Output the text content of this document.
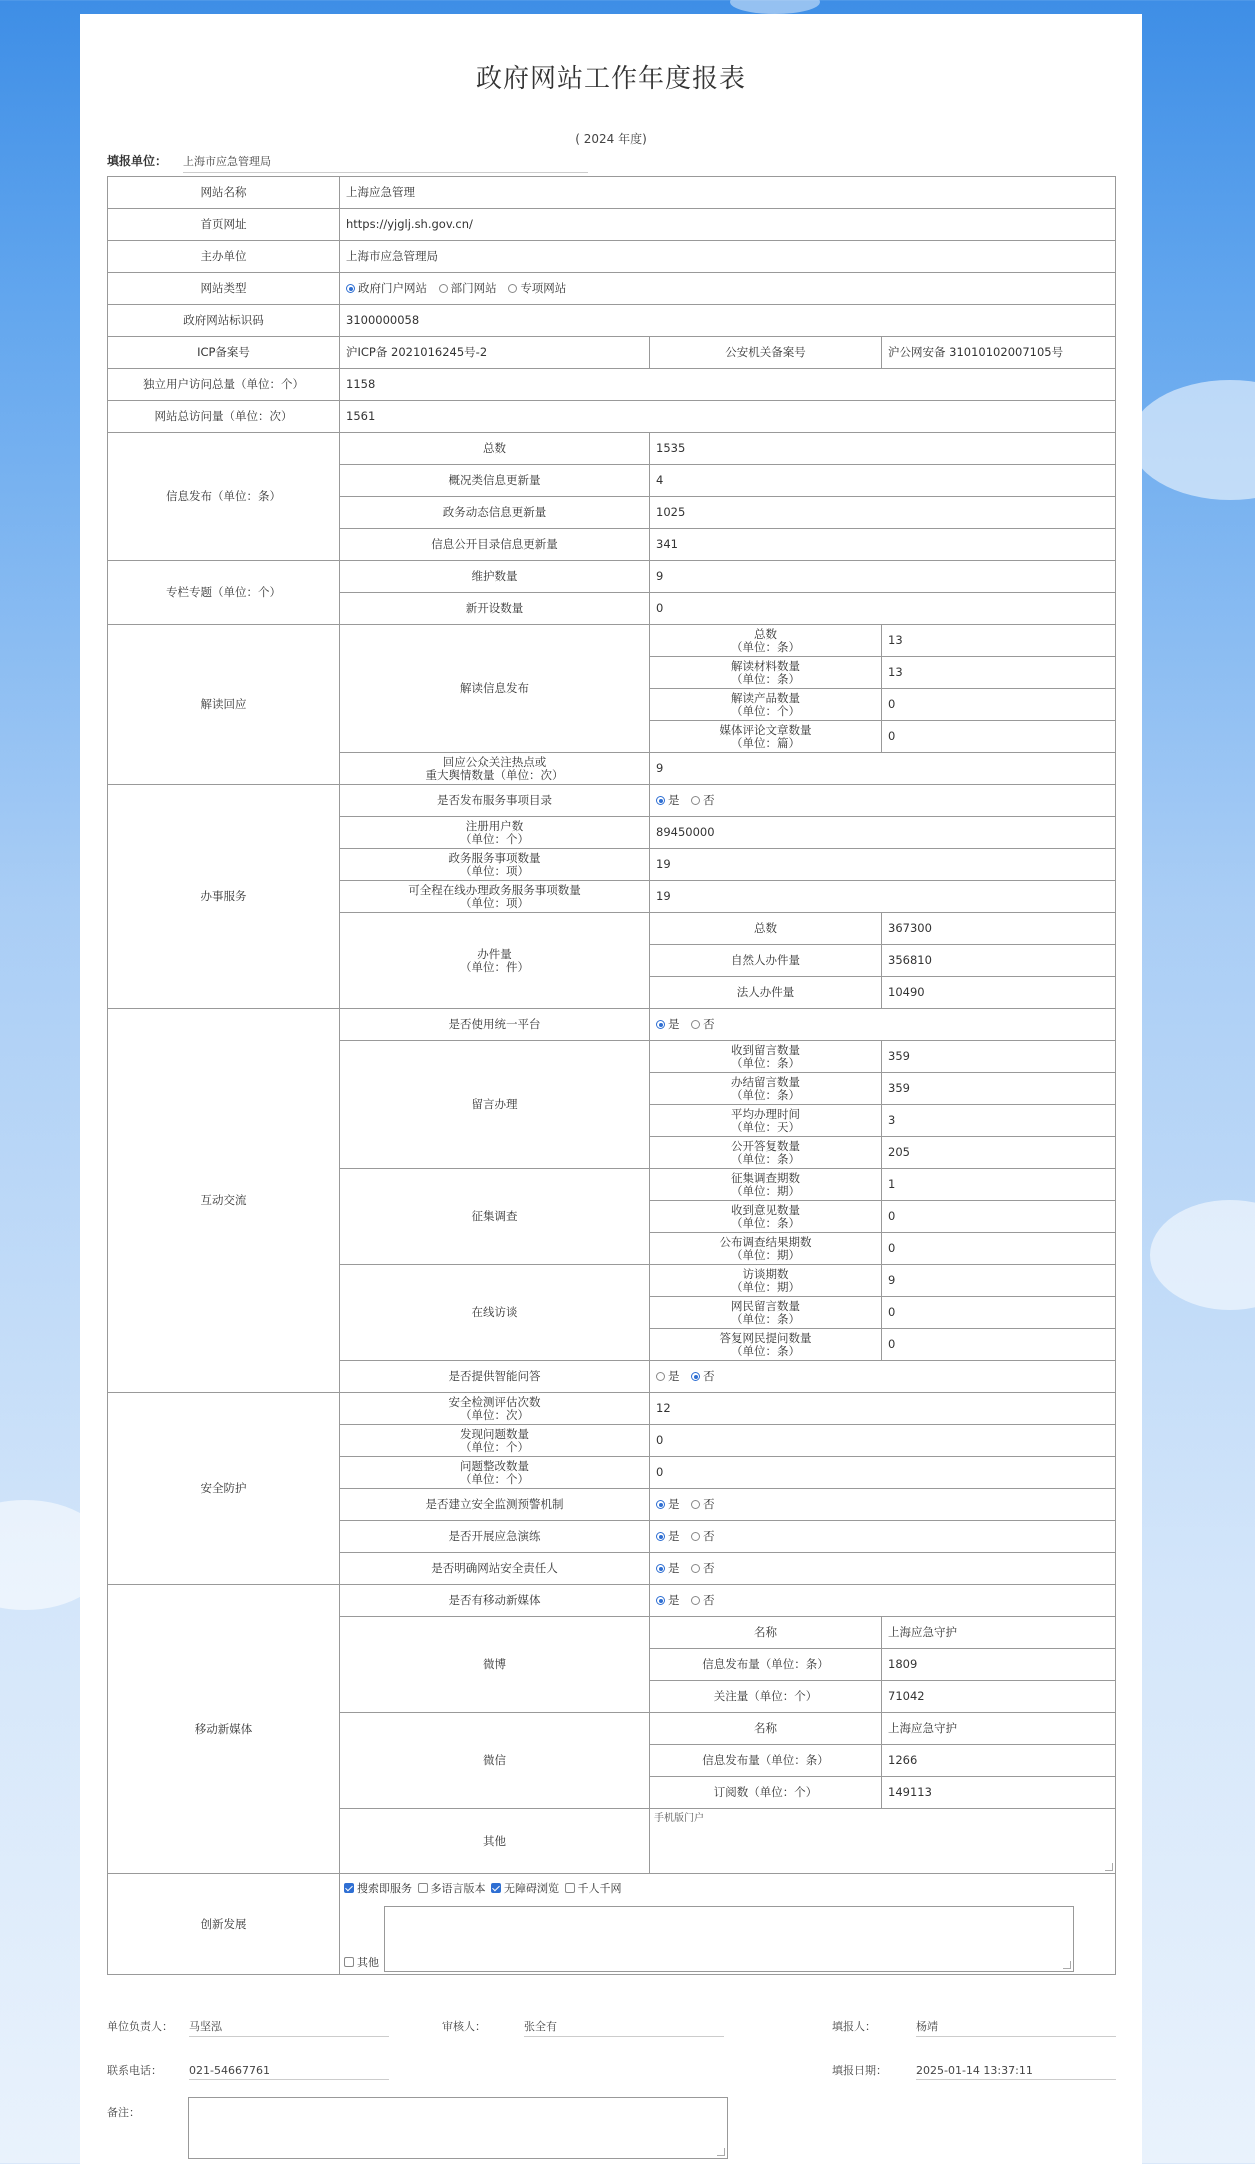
政府网站工作年度报表
( 2024 年度)
填报单位： 上海市应急管理局
网站名称	上海应急管理		
首页网址	https://yjglj.sh.gov.cn/		
主办单位	上海市应急管理局		
网站类型	政府门户网站 部门网站 专项网站		
政府网站标识码	3100000058		
ICP备案号	沪ICP备 2021016245号-2	公安机关备案号	沪公网安备 31010102007105号
独立用户访问总量（单位：个）	1158		
网站总访问量（单位：次）	1561		
信息发布（单位：条）	总数	1535	
	概况类信息更新量	4	
	政务动态信息更新量	1025	
	信息公开目录信息更新量	341	
专栏专题（单位：个）	维护数量	9	
	新开设数量	0	
解读回应	解读信息发布	总数
（单位：条）	13
		解读材料数量
（单位：条）	13
		解读产品数量
（单位：个）	0
		媒体评论文章数量
（单位：篇）	0
	回应公众关注热点或
重大舆情数量（单位：次）	9	
办事服务	是否发布服务事项目录	是 否	
	注册用户数
（单位：个）	89450000	
	政务服务事项数量
（单位：项）	19	
	可全程在线办理政务服务事项数量
（单位：项）	19	
	办件量
（单位：件）	总数	367300
		自然人办件量	356810
		法人办件量	10490
互动交流	是否使用统一平台	是 否	
	留言办理	收到留言数量
（单位：条）	359
		办结留言数量
（单位：条）	359
		平均办理时间
（单位：天）	3
		公开答复数量
（单位：条）	205
	征集调查	征集调查期数
（单位：期）	1
		收到意见数量
（单位：条）	0
		公布调查结果期数
（单位：期）	0
	在线访谈	访谈期数
（单位：期）	9
		网民留言数量
（单位：条）	0
		答复网民提问数量
（单位：条）	0
	是否提供智能问答	是 否	
安全防护	安全检测评估次数
（单位：次）	12	
	发现问题数量
（单位：个）	0	
	问题整改数量
（单位：个）	0	
	是否建立安全监测预警机制	是 否	
	是否开展应急演练	是 否	
	是否明确网站安全责任人	是 否	
移动新媒体	是否有移动新媒体	是 否	
	微博	名称	上海应急守护
		信息发布量（单位：条）	1809
		关注量（单位：个）	71042
	微信	名称	上海应急守护
		信息发布量（单位：条）	1266
		订阅数（单位：个）	149113
	其他	手机版门户	

创新发展	搜索即服务 多语言版本 无障碍浏览 千人千网
其他		
单位负责人： 马坚泓	审核人：	张全有	填报人：	杨靖
联系电话： 021-54667761	填报日期：	2025-01-14 13:37:11
备注：
